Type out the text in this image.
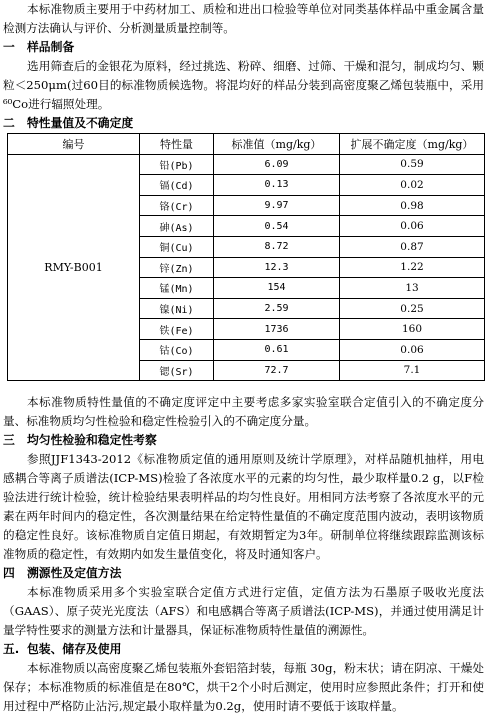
本标准物质主要用于中药材加工、质检和进出口检验等单位对同类基体样品中重金属含量检测方法确认与评价、分析测量质量控制等。

一 样品制备

选用筛查后的金银花为原料，经过挑选、粉碎、细磨、过筛、干燥和混匀，制成均匀、颗粒＜250μm(过60目的标准物质候选物。将混均好的样品分装到高密度聚乙烯包装瓶中，采用⁶⁰Co进行辐照处理。

二 特性量值及不确定度
编号	特性量	标准值（mg/kg）	扩展不确定度（mg/kg）
RMY-B001	铅(Pb)	6.09	0.59
	镉(Cd)	0.13	0.02
	铬(Cr)	9.97	0.98
	砷(As)	0.54	0.06
	铜(Cu)	8.72	0.87
	锌(Zn)	12.3	1.22
	锰(Mn)	154	13
	镍(Ni)	2.59	0.25
	铁(Fe)	1736	160
	钴(Co)	0.61	0.06
	锶(Sr)	72.7	7.1

本标准物质特性量值的不确定度评定中主要考虑多家实验室联合定值引入的不确定度分量、标准物质均匀性检验和稳定性检验引入的不确定度分量。

三 均匀性检验和稳定性考察

参照JJF1343-2012《标准物质定值的通用原则及统计学原理》，对样品随机抽样，用电感耦合等离子质谱法(ICP-MS)检验了各浓度水平的元素的均匀性，最少取样量0.2 g，以F检验法进行统计检验，统计检验结果表明样品的均匀性良好。用相同方法考察了各浓度水平的元素在两年时间内的稳定性，各次测量结果在给定特性量值的不确定度范围内波动，表明该物质的稳定性良好。该标准物质自定值日期起，有效期暂定为3年。研制单位将继续跟踪监测该标准物质的稳定性，有效期内如发生量值变化，将及时通知客户。

四 溯源性及定值方法

本标准物质采用多个实验室联合定值方式进行定值，定值方法为石墨原子吸收光度法（GAAS）、原子荧光光度法（AFS）和电感耦合等离子质谱法(ICP-MS)，并通过使用满足计量学特性要求的测量方法和计量器具，保证标准物质特性量值的溯源性。

五. 包装、储存及使用

本标准物质以高密度聚乙烯包装瓶外套铝箔封装，每瓶 30g，粉末状；请在阴凉、干燥处保存；本标准物质的标准值是在80℃，烘干2个小时后测定，使用时应参照此条件；打开和使用过程中严格防止沾污,规定最小取样量为0.2g，使用时请不要低于该取样量。
